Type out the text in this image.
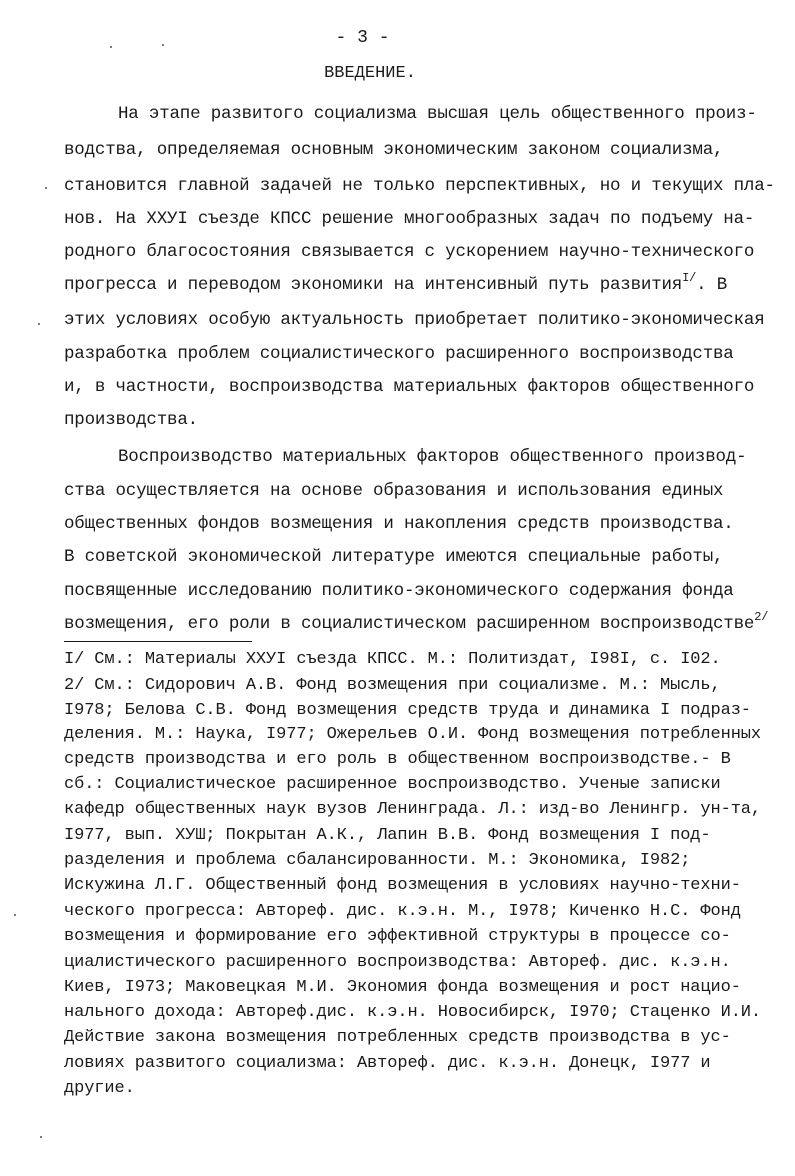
- 3 -
ВВЕДЕНИЕ.
На этапе развитого социализма высшая цель общественного произ-
водства, определяемая основным экономическим законом социализма,
становится главной задачей не только перспективных, но и текущих пла-
нов. На XXУI съезде КПСС решение многообразных задач по подъему на-
родного благосостояния связывается с ускорением научно-технического
прогресса и переводом экономики на интенсивный путь развития$^{I/}$. В
этих условиях особую актуальность приобретает политико-экономическая
разработка проблем социалистического расширенного воспроизводства
и, в частности, воспроизводства материальных факторов общественного
производства.
Воспроизводство материальных факторов общественного производ-
ства осуществляется на основе образования и использования единых
общественных фондов возмещения и накопления средств производства.
В советской экономической литературе имеются специальные работы,
посвященные исследованию политико-экономического содержания фонда
возмещения, его роли в социалистическом расширенном воспроизводстве$^{2/}$
I/ См.: Материалы XXУI съезда КПСС. М.: Политиздат, I98I, с. I02.
2/ См.: Сидорович А.В. Фонд возмещения при социализме. М.: Мысль,
I978; Белова С.В. Фонд возмещения средств труда и динамика I подраз-
деления. М.: Наука, I977; Ожерельев О.И. Фонд возмещения потребленных
средств производства и его роль в общественном воспроизводстве.- В
сб.: Социалистическое расширенное воспроизводство. Ученые записки
кафедр общественных наук вузов Ленинграда. Л.: изд-во Ленингр. ун-та,
I977, вып. ХУШ; Покрытан А.К., Лапин В.В. Фонд возмещения I под-
разделения и проблема сбалансированности. М.: Экономика, I982;
Искужина Л.Г. Общественный фонд возмещения в условиях научно-техни-
ческого прогресса: Автореф. дис. к.э.н. М., I978; Киченко Н.С. Фонд
возмещения и формирование его эффективной структуры в процессе со-
циалистического расширенного воспроизводства: Автореф. дис. к.э.н.
Киев, I973; Маковецкая М.И. Экономия фонда возмещения и рост нацио-
нального дохода: Автореф.дис. к.э.н. Новосибирск, I970; Стаценко И.И.
Действие закона возмещения потребленных средств производства в ус-
ловиях развитого социализма: Автореф. дис. к.э.н. Донецк, I977 и
другие.
